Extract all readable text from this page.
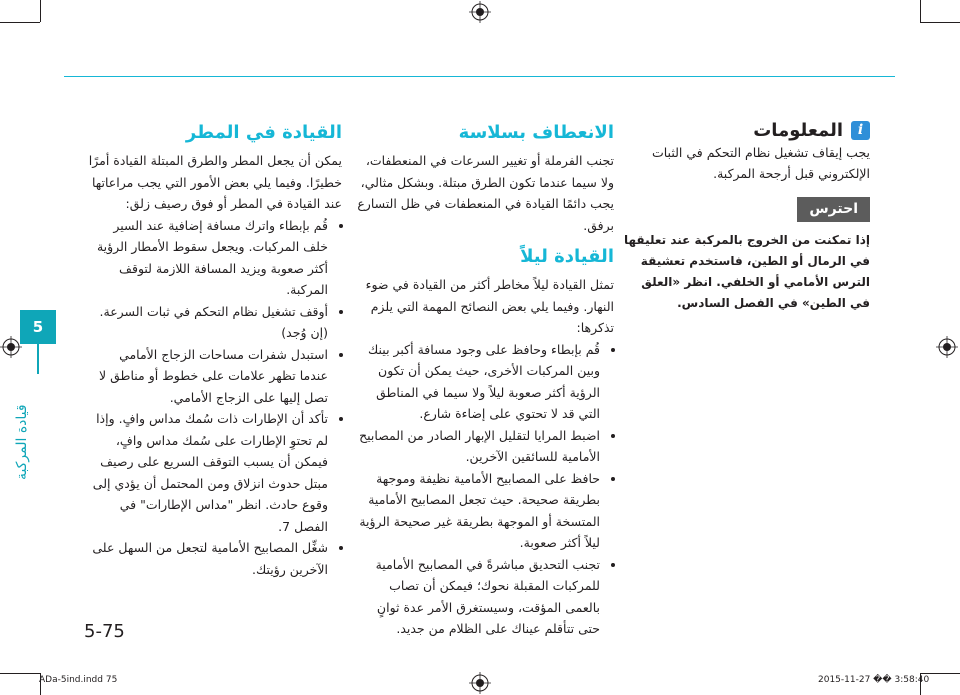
5
قيادة المركبة
i
المعلومات

يجب إيقاف تشغيل نظام التحكم في الثبات الإلكتروني قبل أرجحة المركبة.

احترس

إذا تمكنت من الخروج بالمركبة عند تعليقها في الرمال أو الطين، فاستخدم تعشيقة الترس الأمامي أو الخلفي. انظر «العلق في الطين» في الفصل السادس.

الانعطاف بسلاسة

تجنب الفرملة أو تغيير السرعات في المنعطفات، ولا سيما عندما تكون الطرق مبتلة. وبشكل مثالي، يجب دائمًا القيادة في المنعطفات في ظل التسارع برفق.

القيادة ليلاً

تمثل القيادة ليلاً مخاطر أكثر من القيادة في ضوء النهار. وفيما يلي بعض النصائح المهمة التي يلزم تذكرها:

• قُم بإبطاء وحافظ على وجود مسافة أكبر بينك وبين المركبات الأخرى، حيث يمكن أن تكون الرؤية أكثر صعوبة ليلاً ولا سيما في المناطق التي قد لا تحتوي على إضاءة شارع.
• اضبط المرايا لتقليل الإبهار الصادر من المصابيح الأمامية للسائقين الآخرين.
• حافظ على المصابيح الأمامية نظيفة وموجهة بطريقة صحيحة. حيث تجعل المصابيح الأمامية المتسخة أو الموجهة بطريقة غير صحيحة الرؤية ليلاً أكثر صعوبة.
• تجنب التحديق مباشرةً في المصابيح الأمامية للمركبات المقبلة نحوك؛ فيمكن أن تصاب بالعمى المؤقت، وسيستغرق الأمر عدة ثوانٍ حتى تتأقلم عيناك على الظلام من جديد.
القيادة في المطر

يمكن أن يجعل المطر والطرق المبتلة القيادة أمرًا خطيرًا. وفيما يلي بعض الأمور التي يجب مراعاتها عند القيادة في المطر أو فوق رصيف زلق:

• قُم بإبطاء واترك مسافة إضافية عند السير خلف المركبات. ويجعل سقوط الأمطار الرؤية أكثر صعوبة ويزيد المسافة اللازمة لتوقف المركبة.
• أوقف تشغيل نظام التحكم في ثبات السرعة. (إن وُجد)
• استبدل شفرات مساحات الزجاج الأمامي عندما تظهر علامات على خطوط أو مناطق لا تصل إليها على الزجاج الأمامي.
• تأكد أن الإطارات ذات سُمك مداس وافٍ. وإذا لم تحتوِ الإطارات على سُمك مداس وافٍ، فيمكن أن يسبب التوقف السريع على رصيف مبتل حدوث انزلاق ومن المحتمل أن يؤدي إلى وقوع حادث. انظر "مداس الإطارات" في الفصل 7.
• شغِّل المصابيح الأمامية لتجعل من السهل على الآخرين رؤيتك.
5-75
ADa-5ind.indd 75	2015-11-27 �� 3:58:40
